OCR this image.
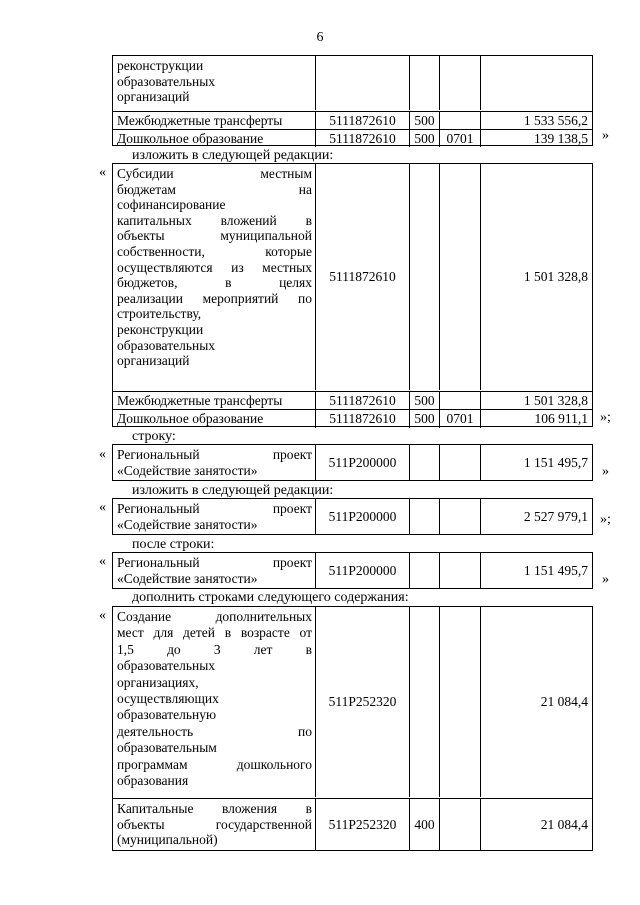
6
реконструкции
образовательных
организаций
Межбюджетные трансферты	5111872610 500	1 533 556,2
Дошкольное образование	5111872610 500 0701	139 138,5 »
изложить в следующей редакции:
« Субсидии местным
бюджетам на
софинансирование
капитальных вложений в
объекты муниципальной
собственности, которые
осуществляются из местных
бюджетов, в целях
реализации мероприятий по
строительству,
реконструкции
образовательных
организаций
5111872610	1 501 328,8
Межбюджетные трансферты	5111872610 500	1 501 328,8
Дошкольное образование	5111872610 500 0701	106 911,1 »;
строку:
« Региональный проект
«Содействие занятости»
511P200000	1 151 495,7
»
изложить в следующей редакции:
« Региональный проект
«Содействие занятости»
511P200000	2 527 979,1 »;
после строки:
« Региональный проект
«Содействие занятости»
511P200000	1 151 495,7
»
дополнить строками следующего содержания:
« Создание дополнительных
мест для детей в возрасте от
1,5 до 3 лет в
образовательных
организациях,
осуществляющих
образовательную
деятельность по
образовательным
программам дошкольного
образования
511P252320	21 084,4
Капитальные вложения в
объекты государственной
(муниципальной)
511P252320 400	21 084,4
